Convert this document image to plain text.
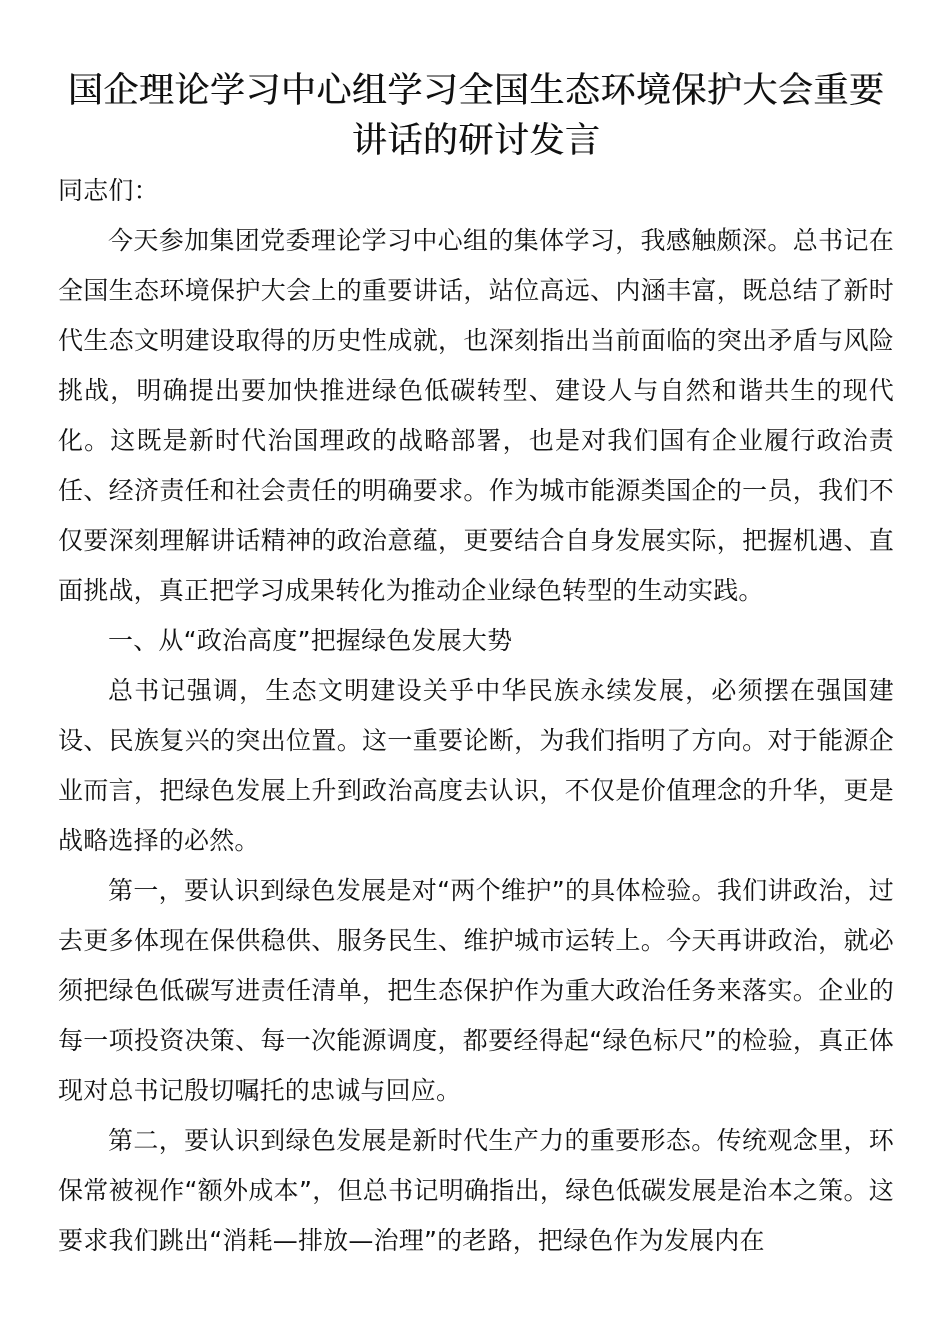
国企理论学习中心组学习全国生态环境保护大会重要讲话的研讨发言

同志们：

今天参加集团党委理论学习中心组的集体学习，我感触颇深。总书记在全国生态环境保护大会上的重要讲话，站位高远、内涵丰富，既总结了新时代生态文明建设取得的历史性成就，也深刻指出当前面临的突出矛盾与风险挑战，明确提出要加快推进绿色低碳转型、建设人与自然和谐共生的现代化。这既是新时代治国理政的战略部署，也是对我们国有企业履行政治责任、经济责任和社会责任的明确要求。作为城市能源类国企的一员，我们不仅要深刻理解讲话精神的政治意蕴，更要结合自身发展实际，把握机遇、直面挑战，真正把学习成果转化为推动企业绿色转型的生动实践。

一、从“政治高度”把握绿色发展大势

总书记强调，生态文明建设关乎中华民族永续发展，必须摆在强国建设、民族复兴的突出位置。这一重要论断，为我们指明了方向。对于能源企业而言，把绿色发展上升到政治高度去认识，不仅是价值理念的升华，更是战略选择的必然。

第一，要认识到绿色发展是对“两个维护”的具体检验。我们讲政治，过去更多体现在保供稳供、服务民生、维护城市运转上。今天再讲政治，就必须把绿色低碳写进责任清单，把生态保护作为重大政治任务来落实。企业的每一项投资决策、每一次能源调度，都要经得起“绿色标尺”的检验，真正体现对总书记殷切嘱托的忠诚与回应。

第二，要认识到绿色发展是新时代生产力的重要形态。传统观念里，环保常被视作“额外成本”，但总书记明确指出，绿色低碳发展是治本之策。这要求我们跳出“消耗—排放—治理”的老路，把绿色作为发展内在
